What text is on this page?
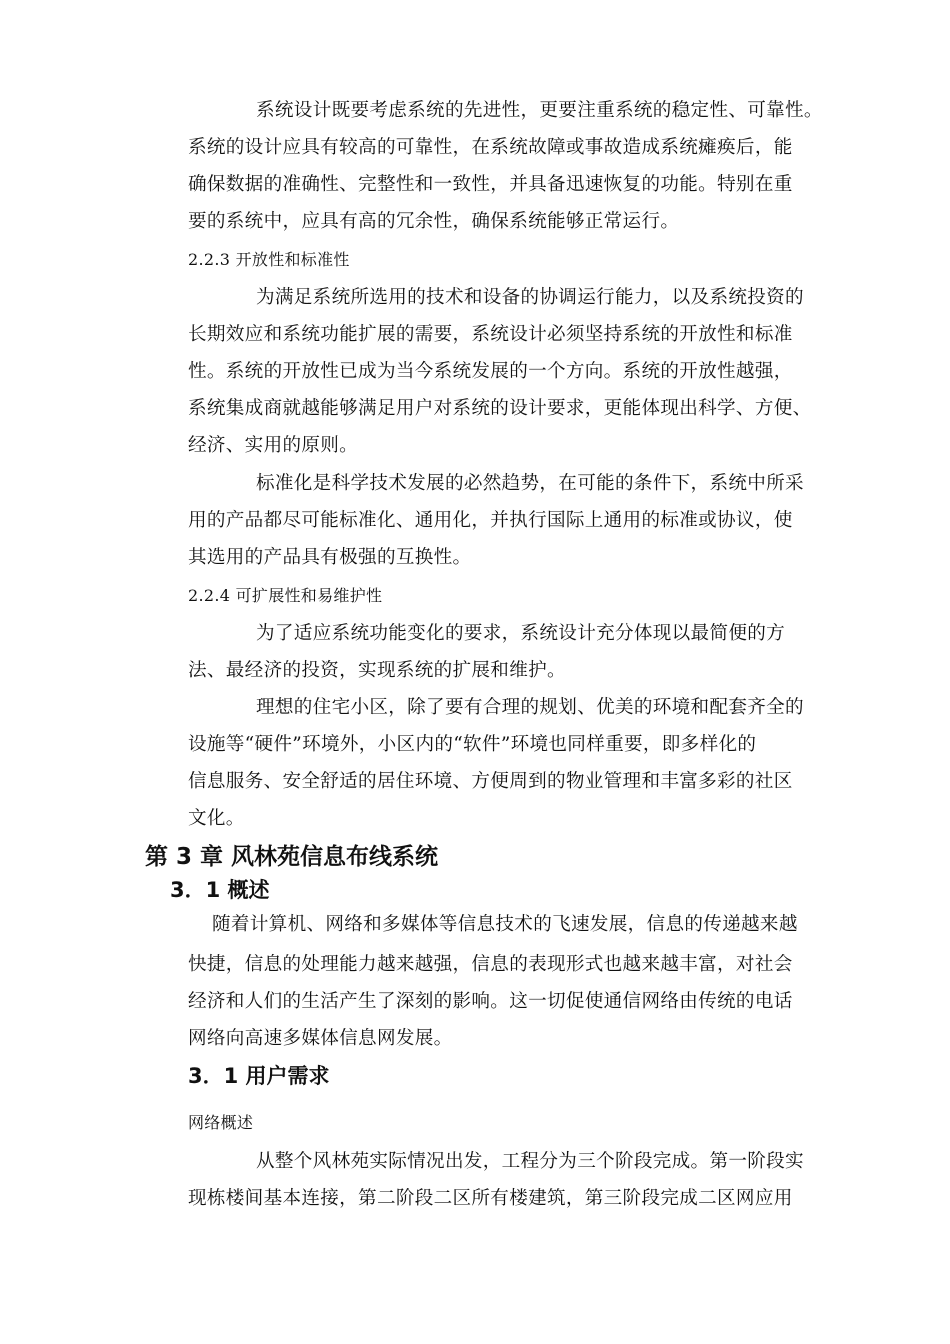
系统设计既要考虑系统的先进性，更要注重系统的稳定性、可靠性。
系统的设计应具有较高的可靠性，在系统故障或事故造成系统瘫痪后，能
确保数据的准确性、完整性和一致性，并具备迅速恢复的功能。特别在重
要的系统中，应具有高的冗余性，确保系统能够正常运行。
2.2.3 开放性和标准性
为满足系统所选用的技术和设备的协调运行能力，以及系统投资的
长期效应和系统功能扩展的需要，系统设计必须坚持系统的开放性和标准
性。系统的开放性已成为当今系统发展的一个方向。系统的开放性越强，
系统集成商就越能够满足用户对系统的设计要求，更能体现出科学、方便、
经济、实用的原则。
标准化是科学技术发展的必然趋势，在可能的条件下，系统中所采
用的产品都尽可能标准化、通用化，并执行国际上通用的标准或协议，使
其选用的产品具有极强的互换性。
2.2.4 可扩展性和易维护性
为了适应系统功能变化的要求，系统设计充分体现以最简便的方
法、最经济的投资，实现系统的扩展和维护。
理想的住宅小区，除了要有合理的规划、优美的环境和配套齐全的
设施等“硬件”环境外，小区内的“软件”环境也同样重要，即多样化的
信息服务、安全舒适的居住环境、方便周到的物业管理和丰富多彩的社区
文化。
第 3 章 风林苑信息布线系统
3．1 概述
随着计算机、网络和多媒体等信息技术的飞速发展，信息的传递越来越
快捷，信息的处理能力越来越强，信息的表现形式也越来越丰富，对社会
经济和人们的生活产生了深刻的影响。这一切促使通信网络由传统的电话
网络向高速多媒体信息网发展。
3．1 用户需求
网络概述
从整个风林苑实际情况出发，工程分为三个阶段完成。第一阶段实
现栋楼间基本连接，第二阶段二区所有楼建筑，第三阶段完成二区网应用
